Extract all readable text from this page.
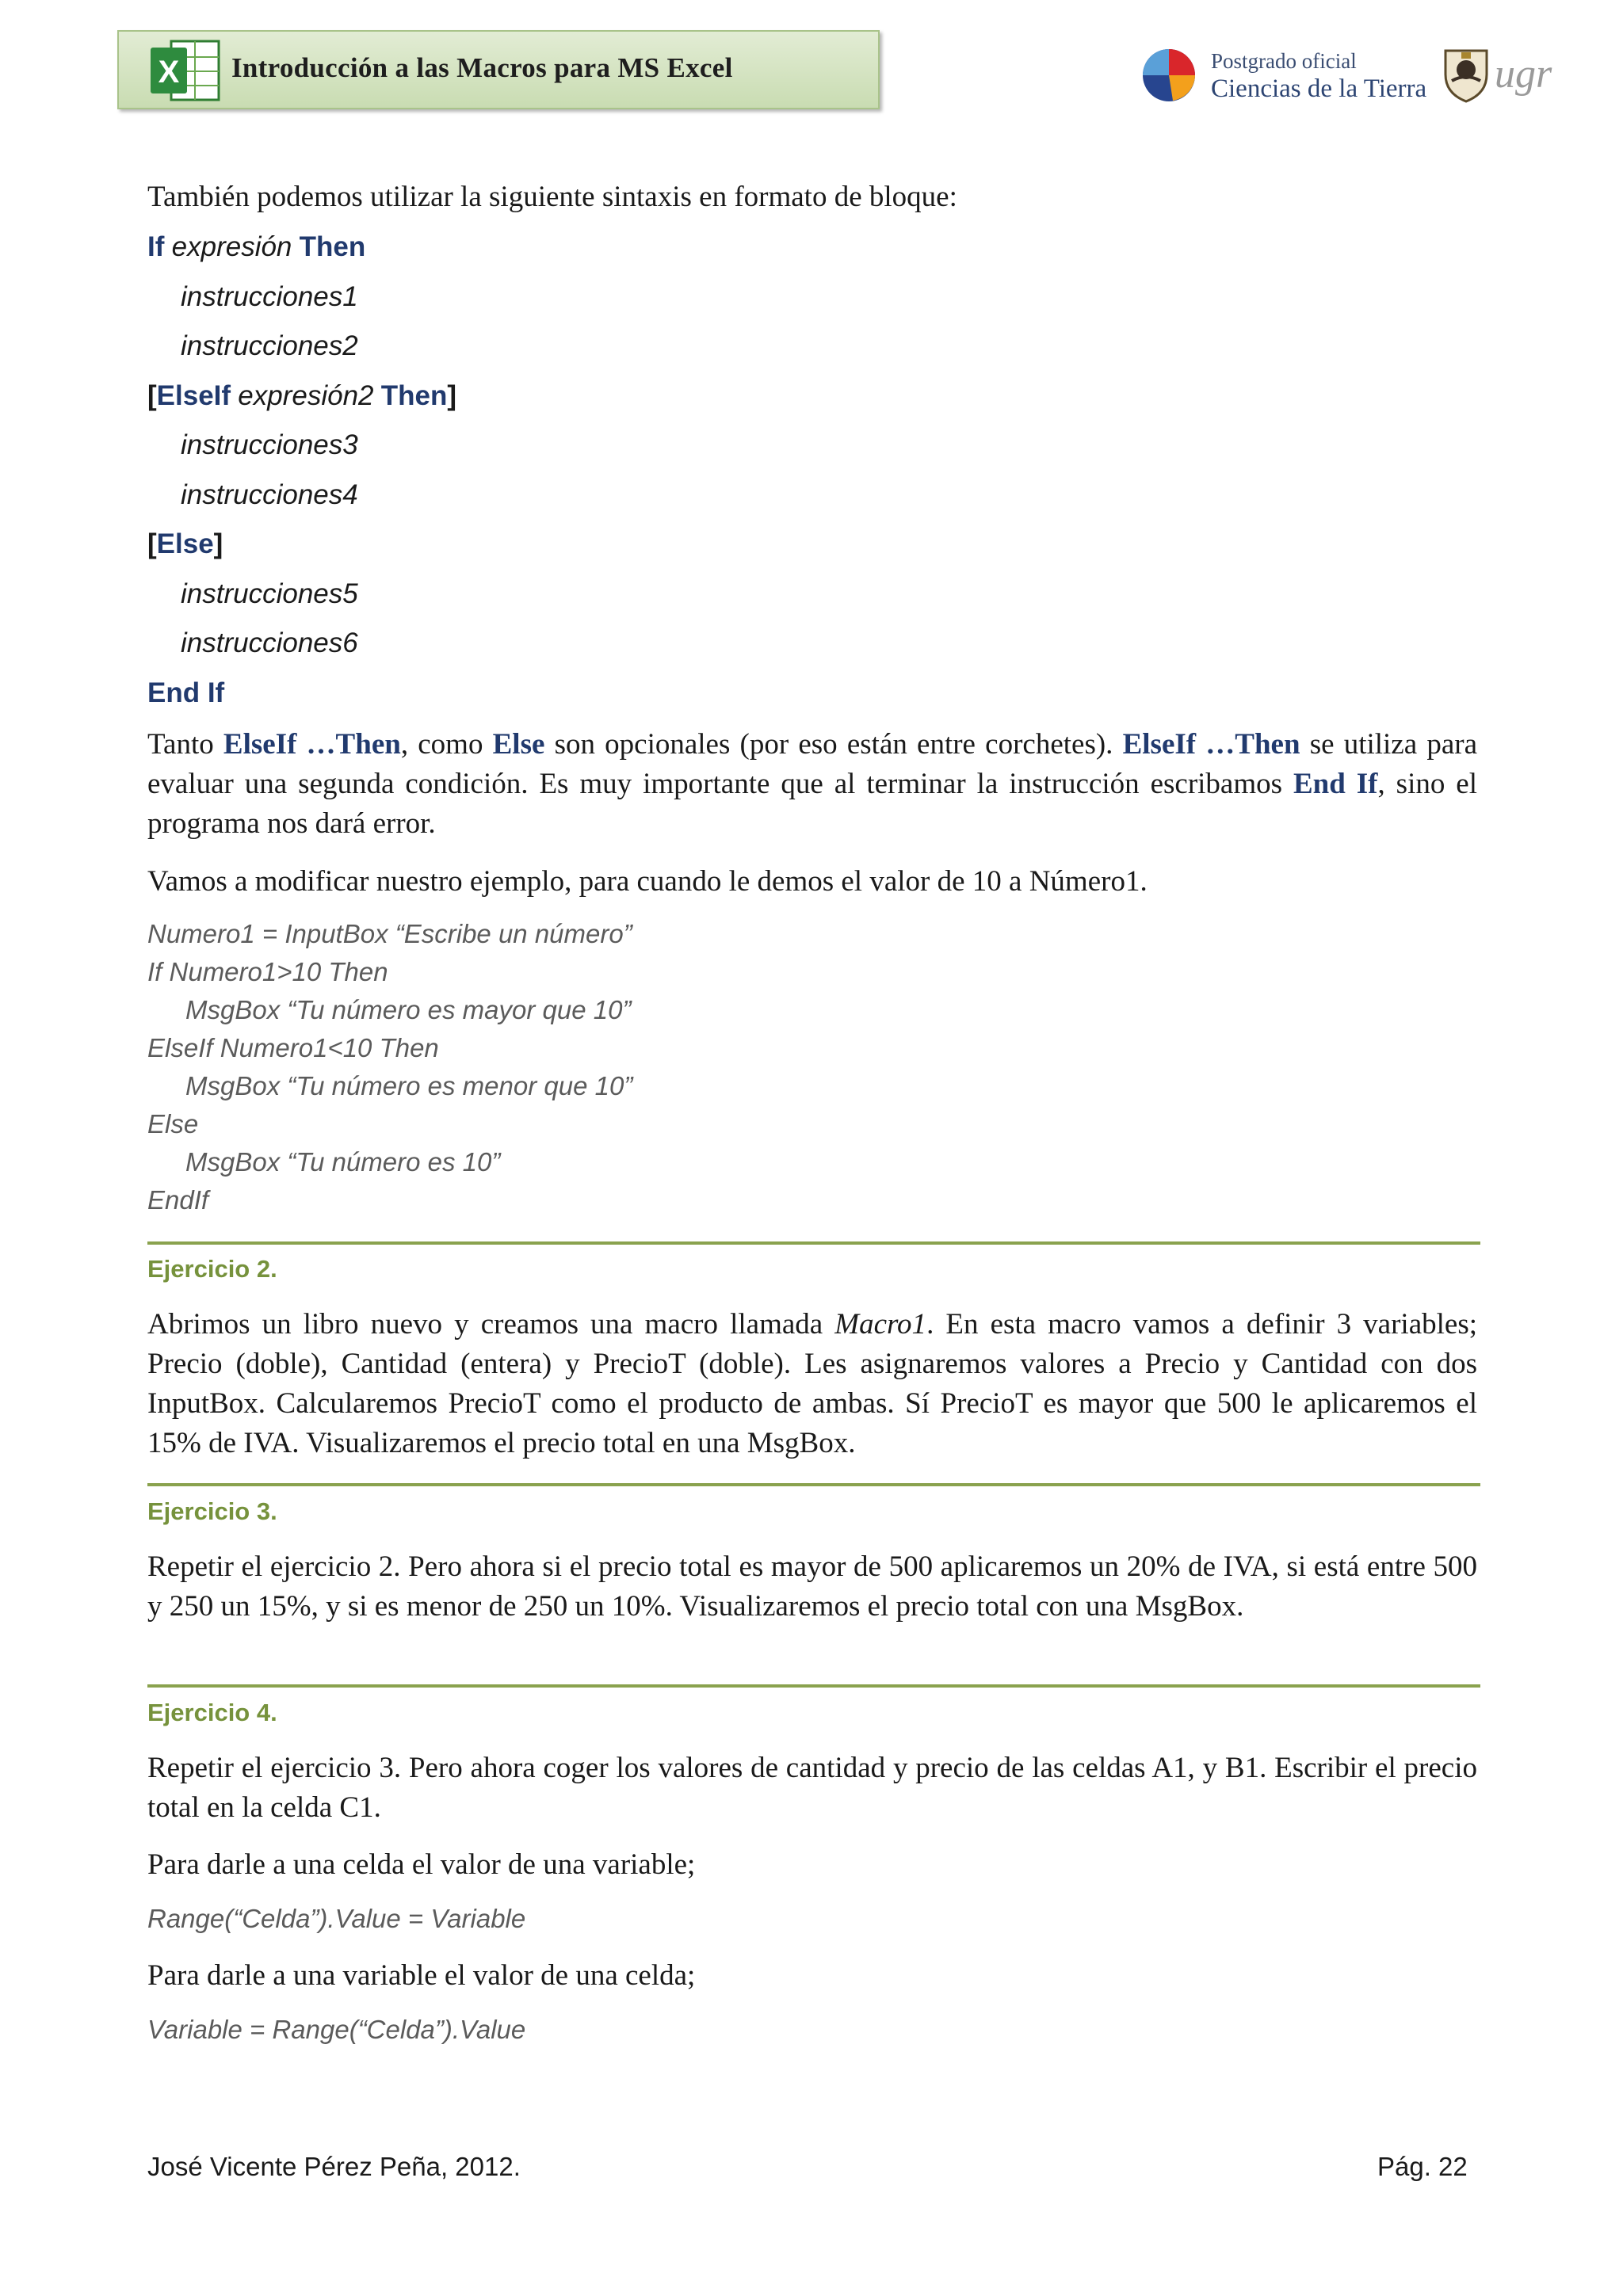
X Introducción a las Macros para MS Excel	Postgrado oficial
Ciencias de la Tierra ugr
También podemos utilizar la siguiente sintaxis en formato de bloque:
If expresión Then
instrucciones1
instrucciones2
[ElseIf expresión2 Then]
instrucciones3
instrucciones4
[Else]
instrucciones5
instrucciones6
End If
Tanto ElseIf …Then, como Else son opcionales (por eso están entre corchetes). ElseIf …Then se utiliza para evaluar una segunda condición. Es muy importante que al terminar la instrucción escribamos End If, sino el programa nos dará error.
Vamos a modificar nuestro ejemplo, para cuando le demos el valor de 10 a Número1.
Numero1 = InputBox “Escribe un número”
If Numero1>10 Then
MsgBox “Tu número es mayor que 10”
ElseIf Numero1<10 Then
MsgBox “Tu número es menor que 10”
Else
MsgBox “Tu número es 10”
EndIf
Ejercicio 2.
Abrimos un libro nuevo y creamos una macro llamada Macro1. En esta macro vamos a definir 3 variables; Precio (doble), Cantidad (entera) y PrecioT (doble). Les asignaremos valores a Precio y Cantidad con dos InputBox. Calcularemos PrecioT como el producto de ambas. Sí PrecioT es mayor que 500 le aplicaremos el 15% de IVA. Visualizaremos el precio total en una MsgBox.
Ejercicio 3.
Repetir el ejercicio 2. Pero ahora si el precio total es mayor de 500 aplicaremos un 20% de IVA, si está entre 500 y 250 un 15%, y si es menor de 250 un 10%. Visualizaremos el precio total con una MsgBox.
Ejercicio 4.
Repetir el ejercicio 3. Pero ahora coger los valores de cantidad y precio de las celdas A1, y B1. Escribir el precio total en la celda C1.
Para darle a una celda el valor de una variable;
Range(“Celda”).Value = Variable
Para darle a una variable el valor de una celda;
Variable = Range(“Celda”).Value
José Vicente Pérez Peña, 2012.	Pág. 22
